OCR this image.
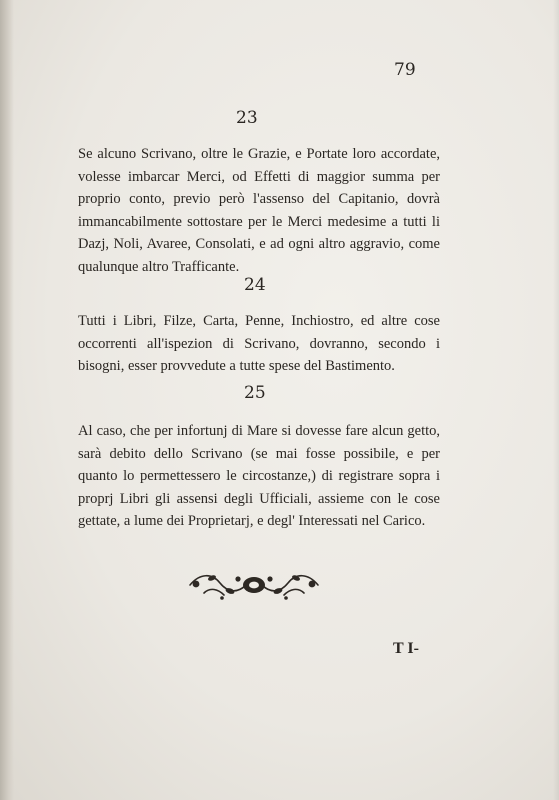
79
23
Se alcuno Scrivano, oltre le Grazie, e Portate loro accordate, volesse imbarcar Merci, od Effetti di maggior summa per proprio conto, previo però l'assenso del Capitanio, dovrà immancabilmente sottostare per le Merci medesime a tutti li Dazj, Noli, Avaree, Consolati, e ad ogni altro aggravio, come qualunque altro Trafficante.
24
Tutti i Libri, Filze, Carta, Penne, Inchiostro, ed altre cose occorrenti all'ispezion di Scrivano, dovranno, secondo i bisogni, esser provvedute a tutte spese del Bastimento.
25
Al caso, che per infortunj di Mare si dovesse fare alcun getto, sarà debito dello Scrivano (se mai fosse possibile, e per quanto lo permettessero le circostanze,) di registrare sopra i proprj Libri gli assensi degli Ufficiali, assieme con le cose gettate, a lume dei Proprietarj, e degl' Interessati nel Carico.
T I-
